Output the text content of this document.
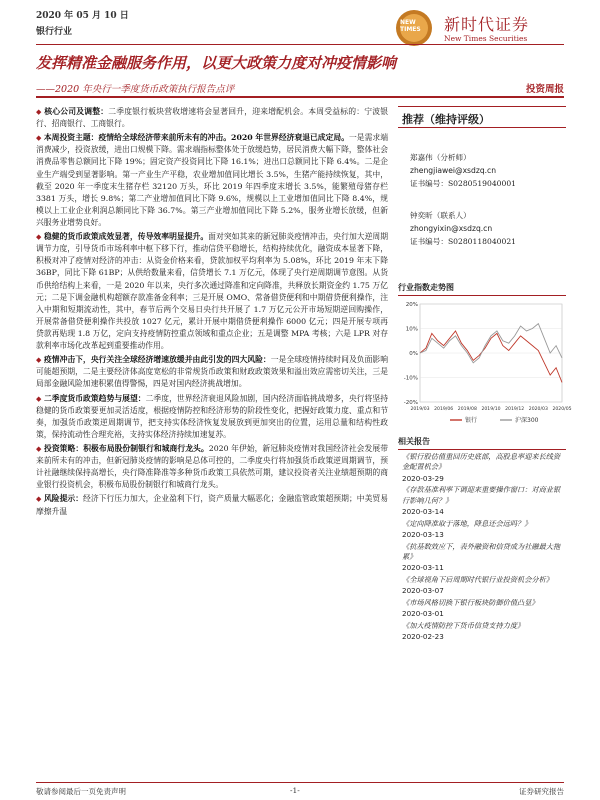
2020 年 05 月 10 日
银行行业
NEW TIMES	新时代证券
New Times Securities
发挥精准金融服务作用，以更大政策力度对冲疫情影响
——2020 年央行一季度货币政策执行报告点评	投资周报

◆ 核心公司及调整：二季度银行板块营收增速将会显著回升，迎来增配机会。本周受益标的：宁波银行、招商银行、工商银行。

◆ 本周投资主题：疫情给全球经济带来前所未有的冲击。2020 年世界经济衰退已成定局。一是需求端消费减少，投资放缓，进出口规模下降。需求端指标整体处于放缓趋势，居民消费大幅下降，整体社会消费品零售总额同比下降 19%；固定资产投资同比下降 16.1%；进出口总额同比下降 6.4%。二是企业生产端受到显著影响。第一产业生产平稳，农业增加值同比增长 3.5%，生猪产能持续恢复，其中，截至 2020 年一季度末生猪存栏 32120 万头，环比 2019 年四季度末增长 3.5%，能繁殖母猪存栏 3381 万头，增长 9.8%；第二产业增加值同比下降 9.6%，规模以上工业增加值同比下降 8.4%，规模以上工业企业利润总额同比下降 36.7%。第三产业增加值同比下降 5.2%，服务业增长放缓，但新兴服务业增势良好。

◆ 稳健的货币政策成效显著，传导效率明显提升。面对突如其来的新冠肺炎疫情冲击，央行加大逆周期调节力度，引导货币市场利率中枢下移下行，推动信贷平稳增长，结构持续优化，融资成本显著下降，积极对冲了疫情对经济的冲击：从资金价格来看，贷款加权平均利率为 5.08%，环比 2019 年末下降 36BP，同比下降 61BP；从供给数量来看，信贷增长 7.1 万亿元，体现了央行逆周期调节意图。从货币供给结构上来看，一是 2020 年以来，央行多次通过降准和定向降准，共释放长期资金约 1.75 万亿元；二是下调金融机构超额存款准备金利率；三是开展 OMO、常备借贷便利和中期借贷便利操作，注入中期和短期流动性，其中，春节后两个交易日央行共开展了 1.7 万亿元公开市场短期逆回购操作，开展常备借贷便利操作共投放 1027 亿元，累计开展中期借贷便利操作 6000 亿元；四是开展专项再贷款再贴现 1.8 万亿，定向支持疫情防控重点领域和重点企业；五是调整 MPA 考核；六是 LPR 对存款利率市场化改革起到重要推动作用。

◆ 疫情冲击下，央行关注全球经济增速放缓并由此引发的四大风险：一是全球疫情持续时间及负面影响可能超预期，二是主要经济体高度宽松的非常规货币政策和财政政策效果和溢出效应需密切关注，三是局部金融风险加速积累值得警惕，四是对国内经济挑战增加。

◆ 二季度货币政策趋势与展望：二季度，世界经济衰退风险加剧，国内经济面临挑战增多，央行将坚持稳健的货币政策要更加灵活适度，根据疫情防控和经济形势的阶段性变化，把握好政策力度、重点和节奏，加强货币政策逆周期调节，把支持实体经济恢复发展放到更加突出的位置，运用总量和结构性政策，保持流动性合理充裕，支持实体经济持续加速复苏。

◆ 投资策略：积极布局股份制银行和城商行龙头。2020 年伊始，新冠肺炎疫情对我国经济社会发展带来前所未有的冲击，但新冠肺炎疫情的影响是总体可控的，二季度央行将加强货币政策逆周期调节，预计社融继续保持高增长，央行降准降准等多种货币政策工具依然可期，建议投资者关注业绩超预期的商业银行投资机会，积极布局股份制银行和城商行龙头。

◆ 风险提示：经济下行压力加大，企业盈利下行，资产质量大幅恶化；金融监管政策超预期；中美贸易摩擦升温

推荐（维持评级）
郑嘉伟（分析师）
zhengjiawei@xsdzq.cn
证书编号：S0280519040001
钟奕昕（联系人）
zhongyixin@xsdzq.cn
证书编号：S0280118040021
行业指数走势图
20%
10%
0%
-10%
-20%
2019/03 2019/06 2019/08 2019/10 2019/12 2020/03 2020/05
银行	沪深300
相关报告
《银行股估值重回历史底部，高股息率迎来长线资金配置机会》
2020-03-29
《存款基准利率下调迎来重要操作窗口：对商业银行影响几何？》
2020-03-14
《定向降准取于落地，降息还会远吗？》
2020-03-13
《抗基数效应下，表外融资和信贷成为社融最大拖累》
2020-03-11
《全球视角下后周期时代银行业投资机会分析》
2020-03-07
《市场风格切换下银行板块防御价值凸显》
2020-03-01
《加大疫情防控下货币信贷支持力度》
2020-02-23
敬请参阅最后一页免责声明	-1-	证券研究报告
